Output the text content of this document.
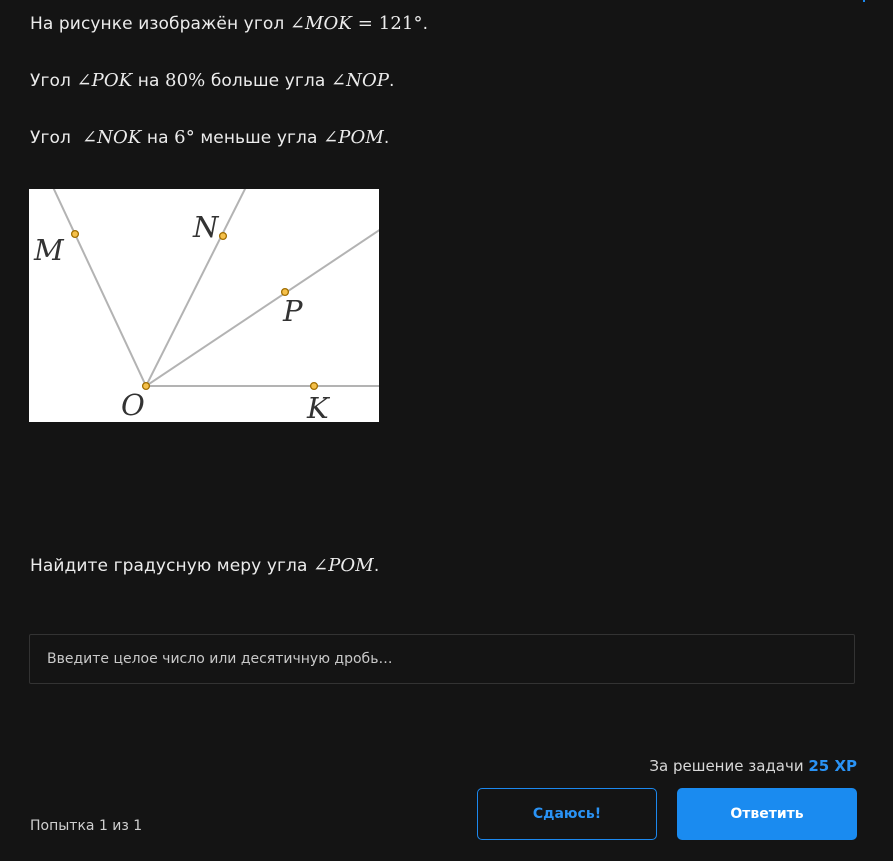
На рисунке изображён угол ∠MOK = 121°.
Угол ∠POK на 80% больше угла ∠NOP.
Угол  ∠NOK на 6° меньше угла ∠POM.
M
N
P
O	K
Найдите градусную меру угла ∠POM.
Введите целое число или десятичную дробь…
За решение задачи 25 XP
Попытка 1 из 1
Сдаюсь!	Ответить
